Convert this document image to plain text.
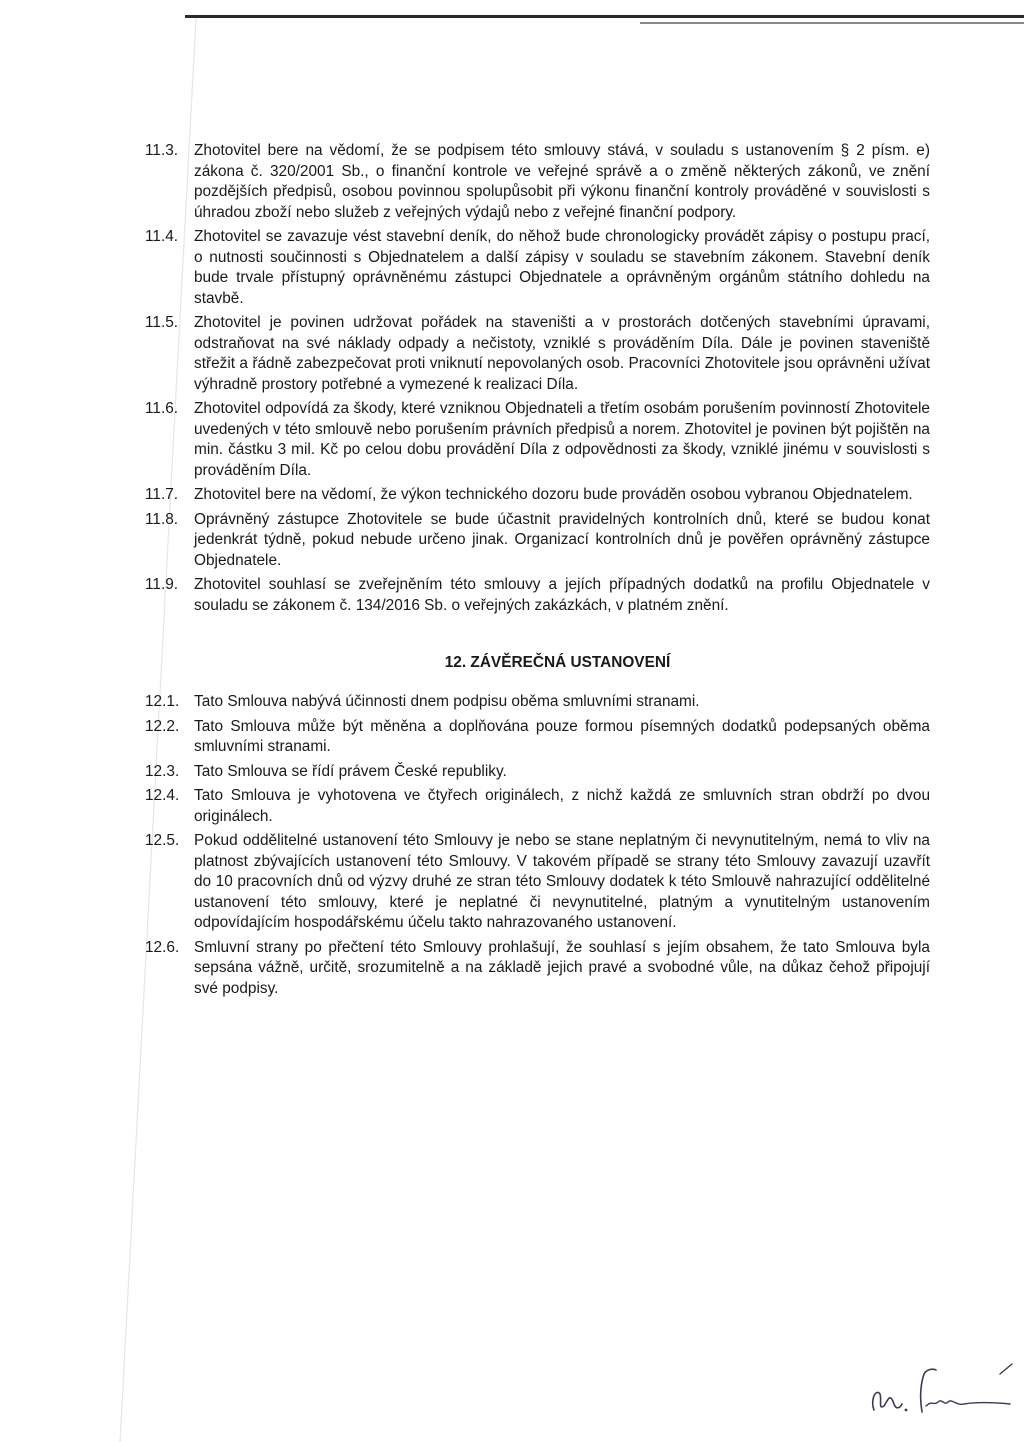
11.3.	Zhotovitel bere na vědomí, že se podpisem této smlouvy stává, v souladu s ustanovením § 2 písm. e) zákona č. 320/2001 Sb., o finanční kontrole ve veřejné správě a o změně některých zákonů, ve znění pozdějších předpisů, osobou povinnou spolupůsobit při výkonu finanční kontroly prováděné v souvislosti s úhradou zboží nebo služeb z veřejných výdajů nebo z veřejné finanční podpory.
11.4.	Zhotovitel se zavazuje vést stavební deník, do něhož bude chronologicky provádět zápisy o postupu prací, o nutnosti součinnosti s Objednatelem a další zápisy v souladu se stavebním zákonem. Stavební deník bude trvale přístupný oprávněnému zástupci Objednatele a oprávněným orgánům státního dohledu na stavbě.
11.5.	Zhotovitel je povinen udržovat pořádek na staveništi a v prostorách dotčených stavebními úpravami, odstraňovat na své náklady odpady a nečistoty, vzniklé s prováděním Díla. Dále je povinen staveniště střežit a řádně zabezpečovat proti vniknutí nepovolaných osob. Pracovníci Zhotovitele jsou oprávněni užívat výhradně prostory potřebné a vymezené k realizaci Díla.
11.6.	Zhotovitel odpovídá za škody, které vzniknou Objednateli a třetím osobám porušením povinností Zhotovitele uvedených v této smlouvě nebo porušením právních předpisů a norem. Zhotovitel je povinen být pojištěn na min. částku 3 mil. Kč po celou dobu provádění Díla z odpovědnosti za škody, vzniklé jinému v souvislosti s prováděním Díla.
11.7.	Zhotovitel bere na vědomí, že výkon technického dozoru bude prováděn osobou vybranou Objednatelem.
11.8.	Oprávněný zástupce Zhotovitele se bude účastnit pravidelných kontrolních dnů, které se budou konat jedenkrát týdně, pokud nebude určeno jinak. Organizací kontrolních dnů je pověřen oprávněný zástupce Objednatele.
11.9.	Zhotovitel souhlasí se zveřejněním této smlouvy a jejích případných dodatků na profilu Objednatele v souladu se zákonem č. 134/2016 Sb. o veřejných zakázkách, v platném znění.
12. ZÁVĚREČNÁ USTANOVENÍ
12.1. Tato Smlouva nabývá účinnosti dnem podpisu oběma smluvními stranami.
12.2. Tato Smlouva může být měněna a doplňována pouze formou písemných dodatků podepsaných oběma smluvními stranami.
12.3. Tato Smlouva se řídí právem České republiky.
12.4. Tato Smlouva je vyhotovena ve čtyřech originálech, z nichž každá ze smluvních stran obdrží po dvou originálech.
12.5. Pokud oddělitelné ustanovení této Smlouvy je nebo se stane neplatným či nevynutitelným, nemá to vliv na platnost zbývajících ustanovení této Smlouvy. V takovém případě se strany této Smlouvy zavazují uzavřít do 10 pracovních dnů od výzvy druhé ze stran této Smlouvy dodatek k této Smlouvě nahrazující oddělitelné ustanovení této smlouvy, které je neplatné či nevynutitelné, platným a vynutitelným ustanovením odpovídajícím hospodářskému účelu takto nahrazovaného ustanovení.
12.6. Smluvní strany po přečtení této Smlouvy prohlašují, že souhlasí s jejím obsahem, že tato Smlouva byla sepsána vážně, určitě, srozumitelně a na základě jejich pravé a svobodné vůle, na důkaz čehož připojují své podpisy.
